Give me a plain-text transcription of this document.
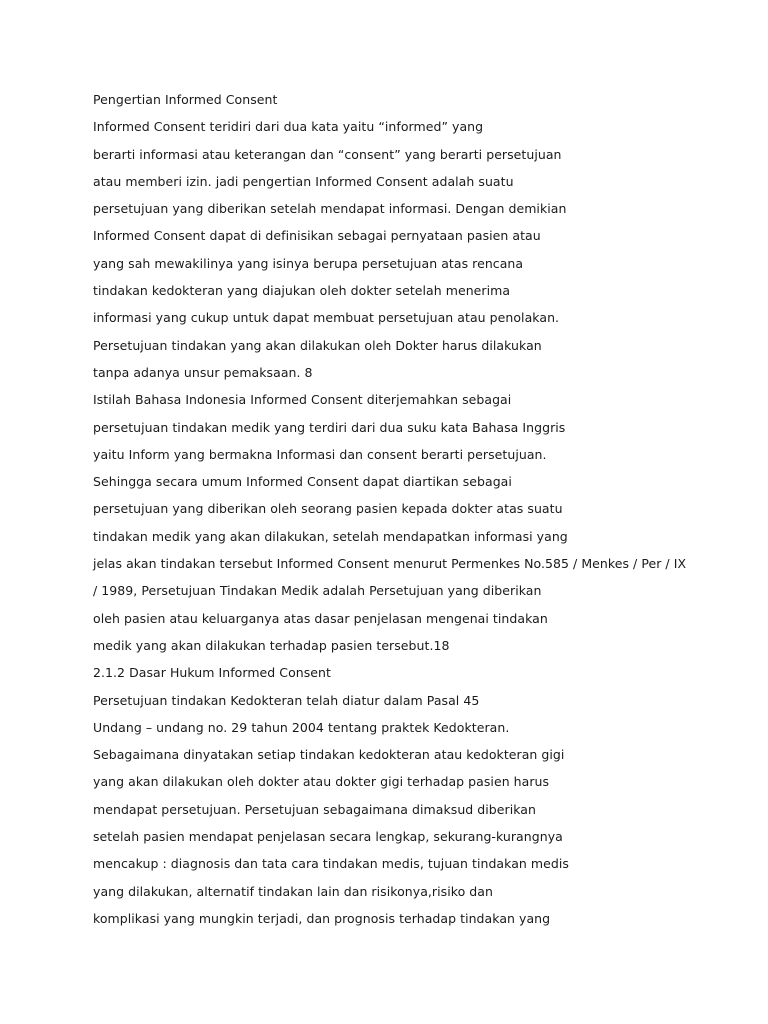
Pengerti̇an Informed Consent
Informed Consent teridiri dari dua kata yaitu “informed” yang
berarti̇ informasi atau keterangan dan “consent” yang berarti̇ persetujuan
atau memberi izin. jadi pengerti̇an Informed Consent adalah suatu
persetujuan yang diberikan setelah mendapat informasi. Dengan demikian
Informed Consent dapat di definisikan sebagai pernyataan pasien atau
yang sah mewakilinya yang isinya berupa persetujuan atas rencana
ti̇ndakan kedokteran yang diajukan oleh dokter setelah menerima
informasi yang cukup untuk dapat membuat persetujuan atau penolakan.
Persetujuan ti̇ndakan yang akan dilakukan oleh Dokter harus dilakukan
tanpa adanya unsur pemaksaan. 8
Isti̇lah Bahasa Indonesia Informed Consent diterjemahkan sebagai
persetujuan ti̇ndakan medik yang terdiri dari dua suku kata Bahasa Inggris
yaitu Inform yang bermakna Informasi dan consent berarti̇ persetujuan.
Sehingga secara umum Informed Consent dapat diarti̇kan sebagai
persetujuan yang diberikan oleh seorang pasien kepada dokter atas suatu
ti̇ndakan medik yang akan dilakukan, setelah mendapatkan informasi yang
jelas akan ti̇ndakan tersebut Informed Consent menurut Permenkes No.585 / Menkes / Per / IX
/ 1989, Persetujuan Tindakan Medik adalah Persetujuan yang diberikan
oleh pasien atau keluarganya atas dasar penjelasan mengenai ti̇ndakan
medik yang akan dilakukan terhadap pasien tersebut.18
2.1.2 Dasar Hukum Informed Consent
Persetujuan ti̇ndakan Kedokteran telah diatur dalam Pasal 45
Undang – undang no. 29 tahun 2004 tentang praktek Kedokteran.
Sebagaimana dinyatakan seti̇ap ti̇ndakan kedokteran atau kedokteran gigi
yang akan dilakukan oleh dokter atau dokter gigi terhadap pasien harus
mendapat persetujuan. Persetujuan sebagaimana dimaksud diberikan
setelah pasien mendapat penjelasan secara lengkap, sekurang-kurangnya
mencakup : diagnosis dan tata cara ti̇ndakan medis, tujuan ti̇ndakan medis
yang dilakukan, alternati̇f ti̇ndakan lain dan risikonya,risiko dan
komplikasi yang mungkin terjadi, dan prognosis terhadap ti̇ndakan yang
